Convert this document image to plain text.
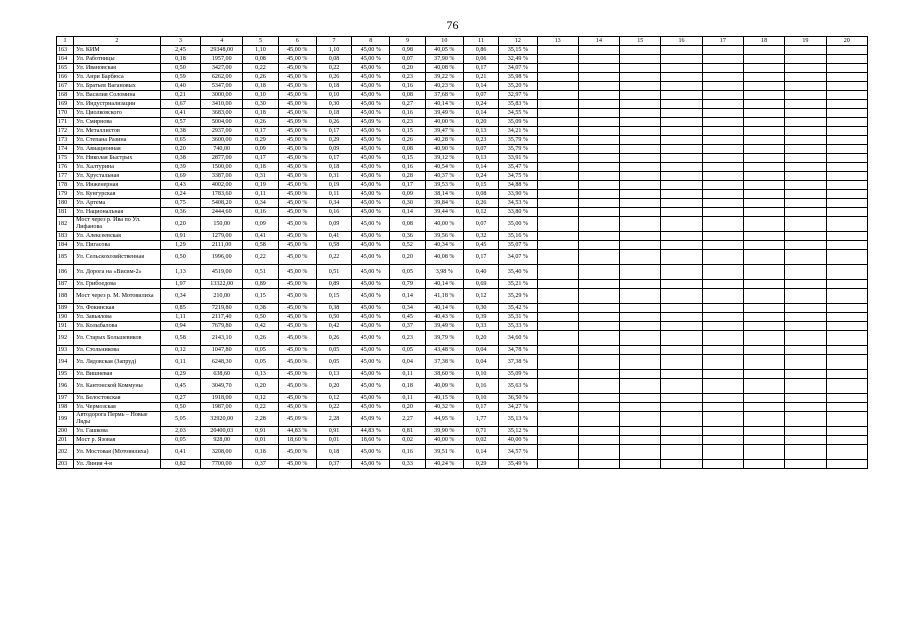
76
1	2	3	4	5	6	7	8	9	10	11	12	13	14	15	16	17	18	19	20
163	Ул. КИМ	2,45	29348,00	1,10	45,00 %	1,10	45,00 %	0,98	40,05 %	0,86	35,15 %								
164	Ул. Работницы	0,18	1957,00	0,08	45,00 %	0,08	45,00 %	0,07	37,90 %	0,06	32,49 %								
165	Ул. Ивановская	0,50	3427,00	0,22	45,00 %	0,22	45,00 %	0,20	40,08 %	0,17	34,07 %								
166	Ул. Анри Барбюса	0,59	6262,00	0,26	45,00 %	0,26	45,00 %	0,23	39,22 %	0,21	35,98 %								
167	Ул. Братьев Вагановых	0,40	5347,00	0,18	45,00 %	0,18	45,00 %	0,16	40,23 %	0,14	35,20 %								
168	Ул. Василия Соломина	0,21	3000,00	0,10	45,00 %	0,10	45,00 %	0,08	37,68 %	0,07	32,97 %								
169	Ул. Индустриализации	0,67	3410,00	0,30	45,00 %	0,30	45,00 %	0,27	40,14 %	0,24	35,83 %								
170	Ул. Циолковского	0,41	3683,00	0,18	45,00 %	0,18	45,00 %	0,16	39,49 %	0,14	34,55 %								
171	Ул. Смирнова	0,57	5004,00	0,26	45,09 %	0,26	45,09 %	0,23	40,00 %	0,20	35,09 %								
172	Ул. Металлистов	0,38	2937,00	0,17	45,00 %	0,17	45,00 %	0,15	39,47 %	0,13	34,21 %								
173	Ул. Степана Разина	0,65	3600,00	0,29	45,00 %	0,29	45,00 %	0,26	40,28 %	0,23	35,79 %								
174	Ул. Авиационная	0,20	740,00	0,09	45,00 %	0,09	45,00 %	0,08	40,90 %	0,07	35,79 %								
175	Ул. Николая Быстрых	0,38	2877,00	0,17	45,00 %	0,17	45,00 %	0,15	39,12 %	0,13	33,91 %								
176	Ул. Халтурина	0,39	1500,00	0,18	45,00 %	0,18	45,00 %	0,16	40,54 %	0,14	35,47 %								
177	Ул. Хрустальная	0,69	3387,00	0,31	45,00 %	0,31	45,00 %	0,28	40,37 %	0,24	34,75 %								
178	Ул. Инженерная	0,43	4002,00	0,19	45,00 %	0,19	45,00 %	0,17	39,53 %	0,15	34,88 %								
179	Ул. Кунгурская	0,24	1783,60	0,11	45,00 %	0,11	45,00 %	0,09	38,14 %	0,08	33,90 %								
180	Ул. Артема	0,75	5408,20	0,34	45,00 %	0,34	45,00 %	0,30	39,84 %	0,26	34,53 %								
181	Ул. Национальная	0,36	2444,60	0,16	45,00 %	0,16	45,00 %	0,14	39,44 %	0,12	33,80 %								
182	Мост через р. Ива по Ул. Лифанова	0,20	150,00	0,09	45,00 %	0,09	45,00 %	0,08	40,00 %	0,07	35,00 %								
183	Ул. Алексеевская	0,91	1279,00	0,41	45,00 %	0,41	45,00 %	0,36	39,56 %	0,32	35,16 %								
184	Ул. Пигасова	1,29	2111,00	0,58	45,00 %	0,58	45,00 %	0,52	40,34 %	0,45	35,07 %								
185	Ул. Сельскохозяйственная	0,50	1996,00	0,22	45,00 %	0,22	45,00 %	0,20	40,08 %	0,17	34,07 %								
186	Ул. Дорога на «Висим-2»	1,13	4519,00	0,51	45,00 %	0,51	45,00 %	0,05	3,98 %	0,40	35,40 %								
187	Ул. Грибоедова	1,97	13322,00	0,89	45,00 %	0,89	45,00 %	0,79	40,14 %	0,69	35,21 %								
188	Мост через р. М. Мотовилиха	0,34	210,00	0,15	45,00 %	0,15	45,00 %	0,14	41,18 %	0,12	35,29 %								
189	Ул. Фокинская	0,85	7219,80	0,38	45,00 %	0,38	45,00 %	0,34	40,14 %	0,30	35,42 %								
190	Ул. Завьялова	1,11	2117,40	0,50	45,00 %	0,50	45,00 %	0,45	40,43 %	0,39	35,31 %								
191	Ул. Колыбалова	0,94	7679,80	0,42	45,00 %	0,42	45,00 %	0,37	39,49 %	0,33	35,33 %								
192	Ул. Старых Большевиков	0,58	2143,10	0,26	45,00 %	0,26	45,00 %	0,23	39,79 %	0,20	34,60 %								
193	Ул. Стольникова	0,12	1047,80	0,05	45,00 %	0,05	45,00 %	0,05	43,48 %	0,04	34,78 %								
194	Ул. Лядовская (Запруд)	0,11	6248,30	0,05	45,00 %	0,05	45,00 %	0,04	37,38 %	0,04	37,38 %								
195	Ул. Вишневая	0,29	638,60	0,13	45,00 %	0,13	45,00 %	0,11	38,60 %	0,10	35,09 %								
196	Ул. Кантонской Коммуны	0,45	3049,70	0,20	45,00 %	0,20	45,00 %	0,18	40,09 %	0,16	35,63 %								
197	Ул. Белостокская	0,27	1918,00	0,12	45,00 %	0,12	45,00 %	0,11	40,15 %	0,10	36,50 %								
198	Ул. Чермозская	0,50	1987,00	0,22	45,00 %	0,22	45,00 %	0,20	40,32 %	0,17	34,27 %								
199	Автодорога Пермь – Новые Ляды	5,05	32920,00	2,28	45,09 %	2,28	45,09 %	2,27	44,95 %	1,77	35,13 %								
200	Ул. Гашкова	2,03	20400,03	0,91	44,83 %	0,91	44,83 %	0,81	39,90 %	0,71	35,12 %								
201	Мост р. Язовая	0,05	928,00	0,01	18,60 %	0,01	18,60 %	0,02	40,00 %	0,02	40,00 %								
202	Ул. Мостовая (Мотовилиха)	0,41	3208,00	0,18	45,00 %	0,18	45,00 %	0,16	39,51 %	0,14	34,57 %								
203	Ул. Линия 4-я	0,82	7700,00	0,37	45,00 %	0,37	45,00 %	0,33	40,24 %	0,29	35,49 %								
